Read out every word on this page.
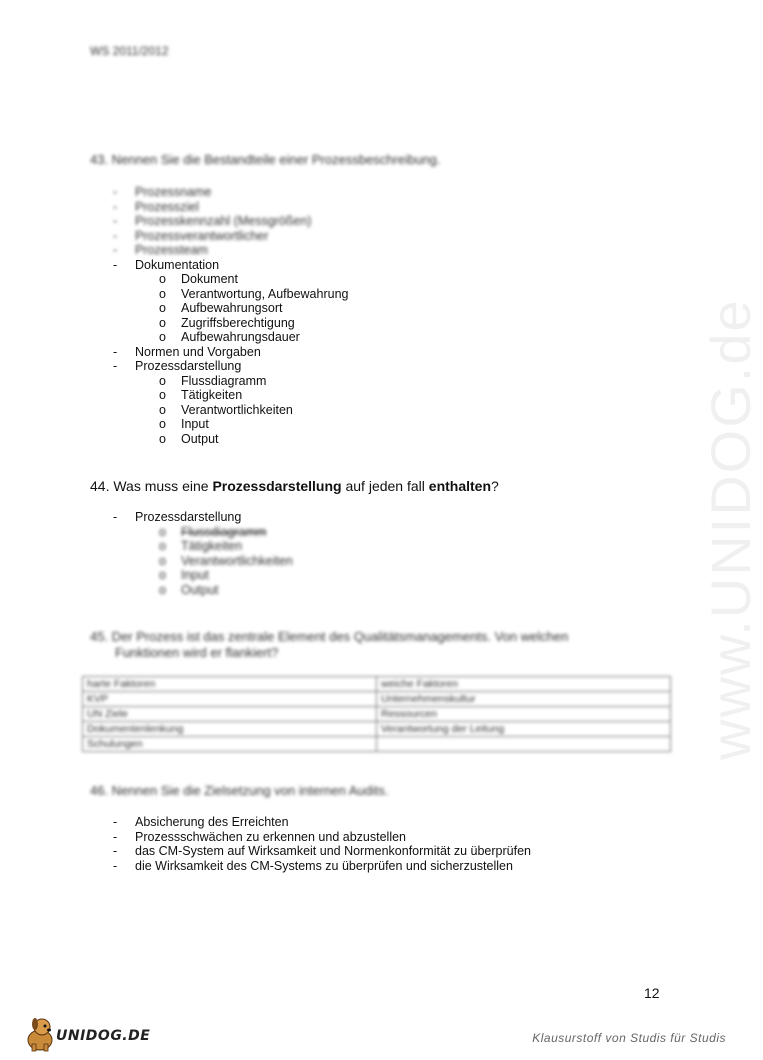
www.UNIDOG.de
WS 2011/2012
43. Nennen Sie die Bestandteile einer Prozessbeschreibung.
- Prozessname
- Prozessziel
- Prozesskennzahl (Messgrößen)
- Prozessverantwortlicher
- Prozessteam
- Dokumentation
o Dokument
o Verantwortung, Aufbewahrung
o Aufbewahrungsort
o Zugriffsberechtigung
o Aufbewahrungsdauer
- Normen und Vorgaben
- Prozessdarstellung
o Flussdiagramm
o Tätigkeiten
o Verantwortlichkeiten
o Input
o Output
44. Was muss eine Prozessdarstellung auf jeden fall enthalten?
- Prozessdarstellung
o Flussdiagramm
o Tätigkeiten
o Verantwortlichkeiten
o Input
o Output
45. Der Prozess ist das zentrale Element des Qualitätsmanagements. Von welchen
Funktionen wird er flankiert?
harte Faktoren	weiche Faktoren
KVP	Unternehmenskultur
UN Ziele	Ressourcen
Dokumentenlenkung	Verantwortung der Leitung
Schulungen	
46. Nennen Sie die Zielsetzung von internen Audits.
- Absicherung des Erreichten
- Prozessschwächen zu erkennen und abzustellen
- das CM-System auf Wirksamkeit und Normenkonformität zu überprüfen
- die Wirksamkeit des CM-Systems zu überprüfen und sicherzustellen
12
UNIDOG.DE	Klausurstoff von Studis für Studis
